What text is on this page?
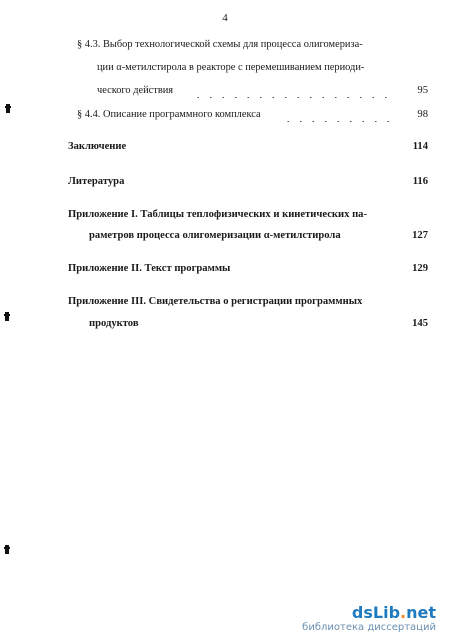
4
§ 4.3. Выбор технологической схемы для процесса олигомеризa-
ции α-метилстирола в реакторе с перемешиванием периоди-
ческого действия	95
§ 4.4. Описание программного комплекса	98
Заключение	114
Литература	116
Приложение I. Таблицы теплофизических и кинетических па-
раметров процесса олигомеризации α-метилстирола	127
Приложение II. Текст программы	129
Приложение III. Свидетельства о регистрации программных
продуктов	145
dsLib.net
библиотека диссертаций
